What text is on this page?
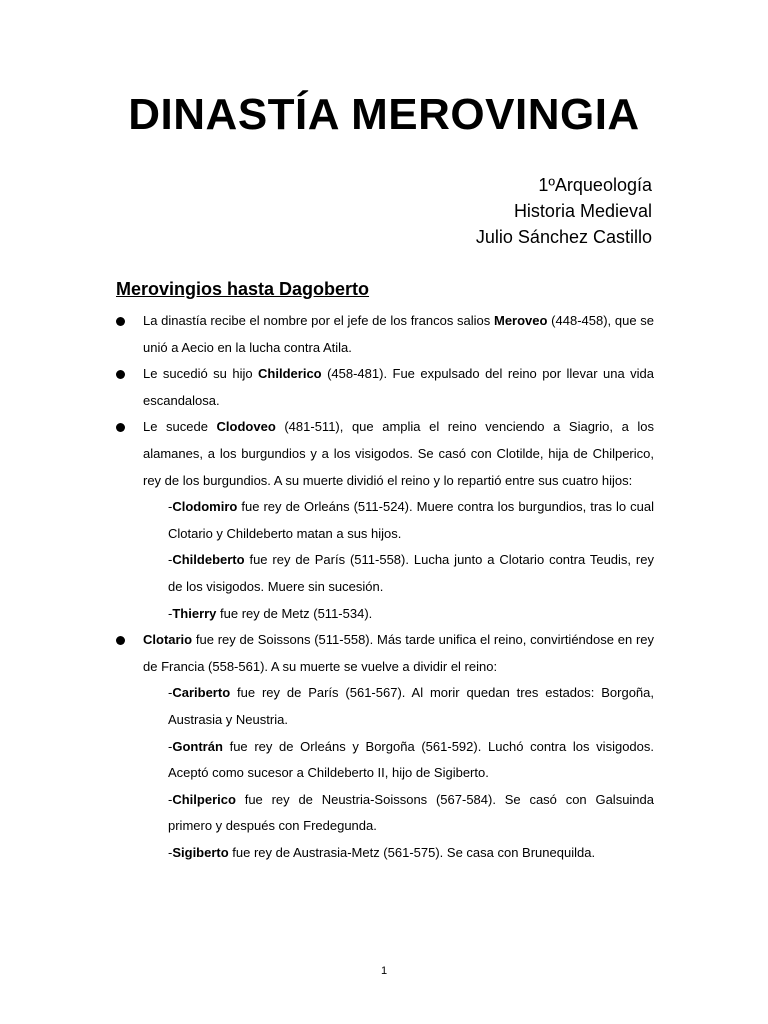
DINASTÍA MEROVINGIA
1ºArqueología
Historia Medieval
Julio Sánchez Castillo
Merovingios hasta Dagoberto
La dinastía recibe el nombre por el jefe de los francos salios Meroveo (448-458), que se unió a Aecio en la lucha contra Atila.
Le sucedió su hijo Childerico (458-481). Fue expulsado del reino por llevar una vida escandalosa.
Le sucede Clodoveo (481-511), que amplia el reino venciendo a Siagrio, a los alamanes, a los burgundios y a los visigodos. Se casó con Clotilde, hija de Chilperico, rey de los burgundios. A su muerte dividió el reino y lo repartió entre sus cuatro hijos:
-Clodomiro fue rey de Orleáns (511-524). Muere contra los burgundios, tras lo cual Clotario y Childeberto matan a sus hijos.
-Childeberto fue rey de París (511-558). Lucha junto a Clotario contra Teudis, rey de los visigodos. Muere sin sucesión.
-Thierry fue rey de Metz (511-534).
Clotario fue rey de Soissons (511-558). Más tarde unifica el reino, convirtiéndose en rey de Francia (558-561). A su muerte se vuelve a dividir el reino:
-Cariberto fue rey de París (561-567). Al morir quedan tres estados: Borgoña, Austrasia y Neustria.
-Gontrán fue rey de Orleáns y Borgoña (561-592). Luchó contra los visigodos. Aceptó como sucesor a Childeberto II, hijo de Sigiberto.
-Chilperico fue rey de Neustria-Soissons (567-584). Se casó con Galsuinda primero y después con Fredegunda.
-Sigiberto fue rey de Austrasia-Metz (561-575). Se casa con Brunequilda.
1
